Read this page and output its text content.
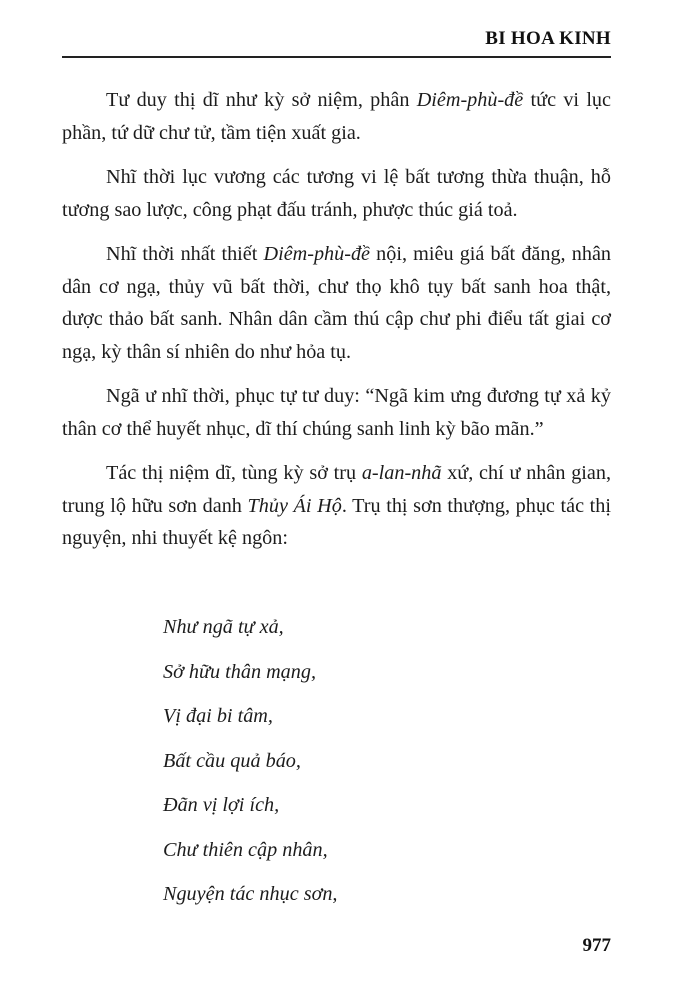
BI HOA KINH

Tư duy thị dĩ như kỳ sở niệm, phân Diêm-phù-đề tức vi lục phần, tứ dữ chư tử, tầm tiện xuất gia.

Nhĩ thời lục vương các tương vi lệ bất tương thừa thuận, hỗ tương sao lược, công phạt đấu tránh, phược thúc giá toả.

Nhĩ thời nhất thiết Diêm-phù-đề nội, miêu giá bất đăng, nhân dân cơ ngạ, thủy vũ bất thời, chư thọ khô tụy bất sanh hoa thật, dược thảo bất sanh. Nhân dân cầm thú cập chư phi điểu tất giai cơ ngạ, kỳ thân sí nhiên do như hỏa tụ.

Ngã ư nhĩ thời, phục tự tư duy: “Ngã kim ưng đương tự xả kỷ thân cơ thể huyết nhục, dĩ thí chúng sanh linh kỳ bão mãn.”

Tác thị niệm dĩ, tùng kỳ sở trụ a-lan-nhã xứ, chí ư nhân gian, trung lộ hữu sơn danh Thủy Ái Hộ. Trụ thị sơn thượng, phục tác thị nguyện, nhi thuyết kệ ngôn:

Như ngã tự xả,
Sở hữu thân mạng,
Vị đại bi tâm,
Bất cầu quả báo,
Đãn vị lợi ích,
Chư thiên cập nhân,
Nguyện tác nhục sơn,
977
